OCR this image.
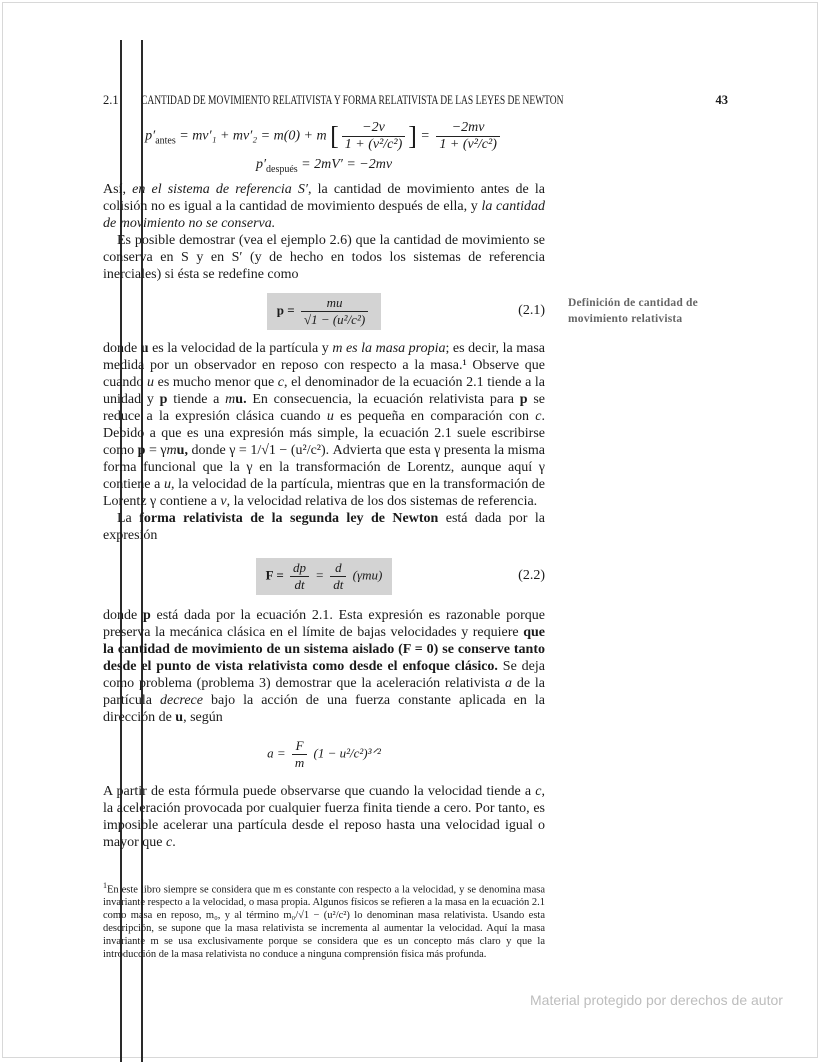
2.1 CANTIDAD DE MOVIMIENTO RELATIVISTA Y FORMA RELATIVISTA DE LAS LEYES DE NEWTON	43
$p'_{antes} = mv'_1 + mv'_2 = m(0) + m$ [ $\frac{-2v}{\text{1 + (v²/c²)}}$ ] = $\frac{-2mv}{\text{1 + (v²/c²)}}$
$p'_{después} = 2mV' = -2mv$
Así, en el sistema de referencia S′, la cantidad de movimiento antes de la colisión no es igual a la cantidad de movimiento después de ella, y la cantidad de movimiento no se conserva.
Es posible demostrar (vea el ejemplo 2.6) que la cantidad de movimiento se conserva en S y en S′ (y de hecho en todos los sistemas de referencia inerciales) si ésta se redefine como
$p = \frac{mu}{\text{√1 − (u²/c²)}}$	(2.1) Definición de cantidad de movimiento relativista
donde u es la velocidad de la partícula y m es la masa propia; es decir, la masa medida por un observador en reposo con respecto a la masa.¹ Observe que cuando u es mucho menor que c, el denominador de la ecuación 2.1 tiende a la unidad y p tiende a mu. En consecuencia, la ecuación relativista para p se reduce a la expresión clásica cuando u es pequeña en comparación con c. Debido a que es una expresión más simple, la ecuación 2.1 suele escribirse como p = γmu, donde γ = 1/√1 − (u²/c²). Advierta que esta γ presenta la misma forma funcional que la γ en la transformación de Lorentz, aunque aquí γ contiene a u, la velocidad de la partícula, mientras que en la transformación de Lorentz γ contiene a v, la velocidad relativa de los dos sistemas de referencia.
La forma relativista de la segunda ley de Newton está dada por la expresión
$F = \frac{dp}{dt} = \frac{d}{dt} (\gamma mu)$	(2.2)
donde p está dada por la ecuación 2.1. Esta expresión es razonable porque preserva la mecánica clásica en el límite de bajas velocidades y requiere que la cantidad de movimiento de un sistema aislado (F = 0) se conserve tanto desde el punto de vista relativista como desde el enfoque clásico. Se deja como problema (problema 3) demostrar que la aceleración relativista a de la partícula decrece bajo la acción de una fuerza constante aplicada en la dirección de u, según
$a = \frac{F}{m} (1$ − u²/c²)³ᐟ²
A partir de esta fórmula puede observarse que cuando la velocidad tiende a c, la aceleración provocada por cualquier fuerza finita tiende a cero. Por tanto, es imposible acelerar una partícula desde el reposo hasta una velocidad igual o mayor que c.
$^1$En este libro siempre se considera que m es constante con respecto a la velocidad, y se denomina masa invariante respecto a la velocidad, o masa propia. Algunos físicos se refieren a la masa en la ecuación 2.1 como masa en reposo, m₀, y al término m₀/√1 − (u²/c²) lo denominan masa relativista. Usando esta descripción, se supone que la masa relativista se incrementa al aumentar la velocidad. Aquí la masa invariante m se usa exclusivamente porque se considera que es un concepto más claro y que la introducción de la masa relativista no conduce a ninguna comprensión física más profunda.
Material protegido por derechos de autor
